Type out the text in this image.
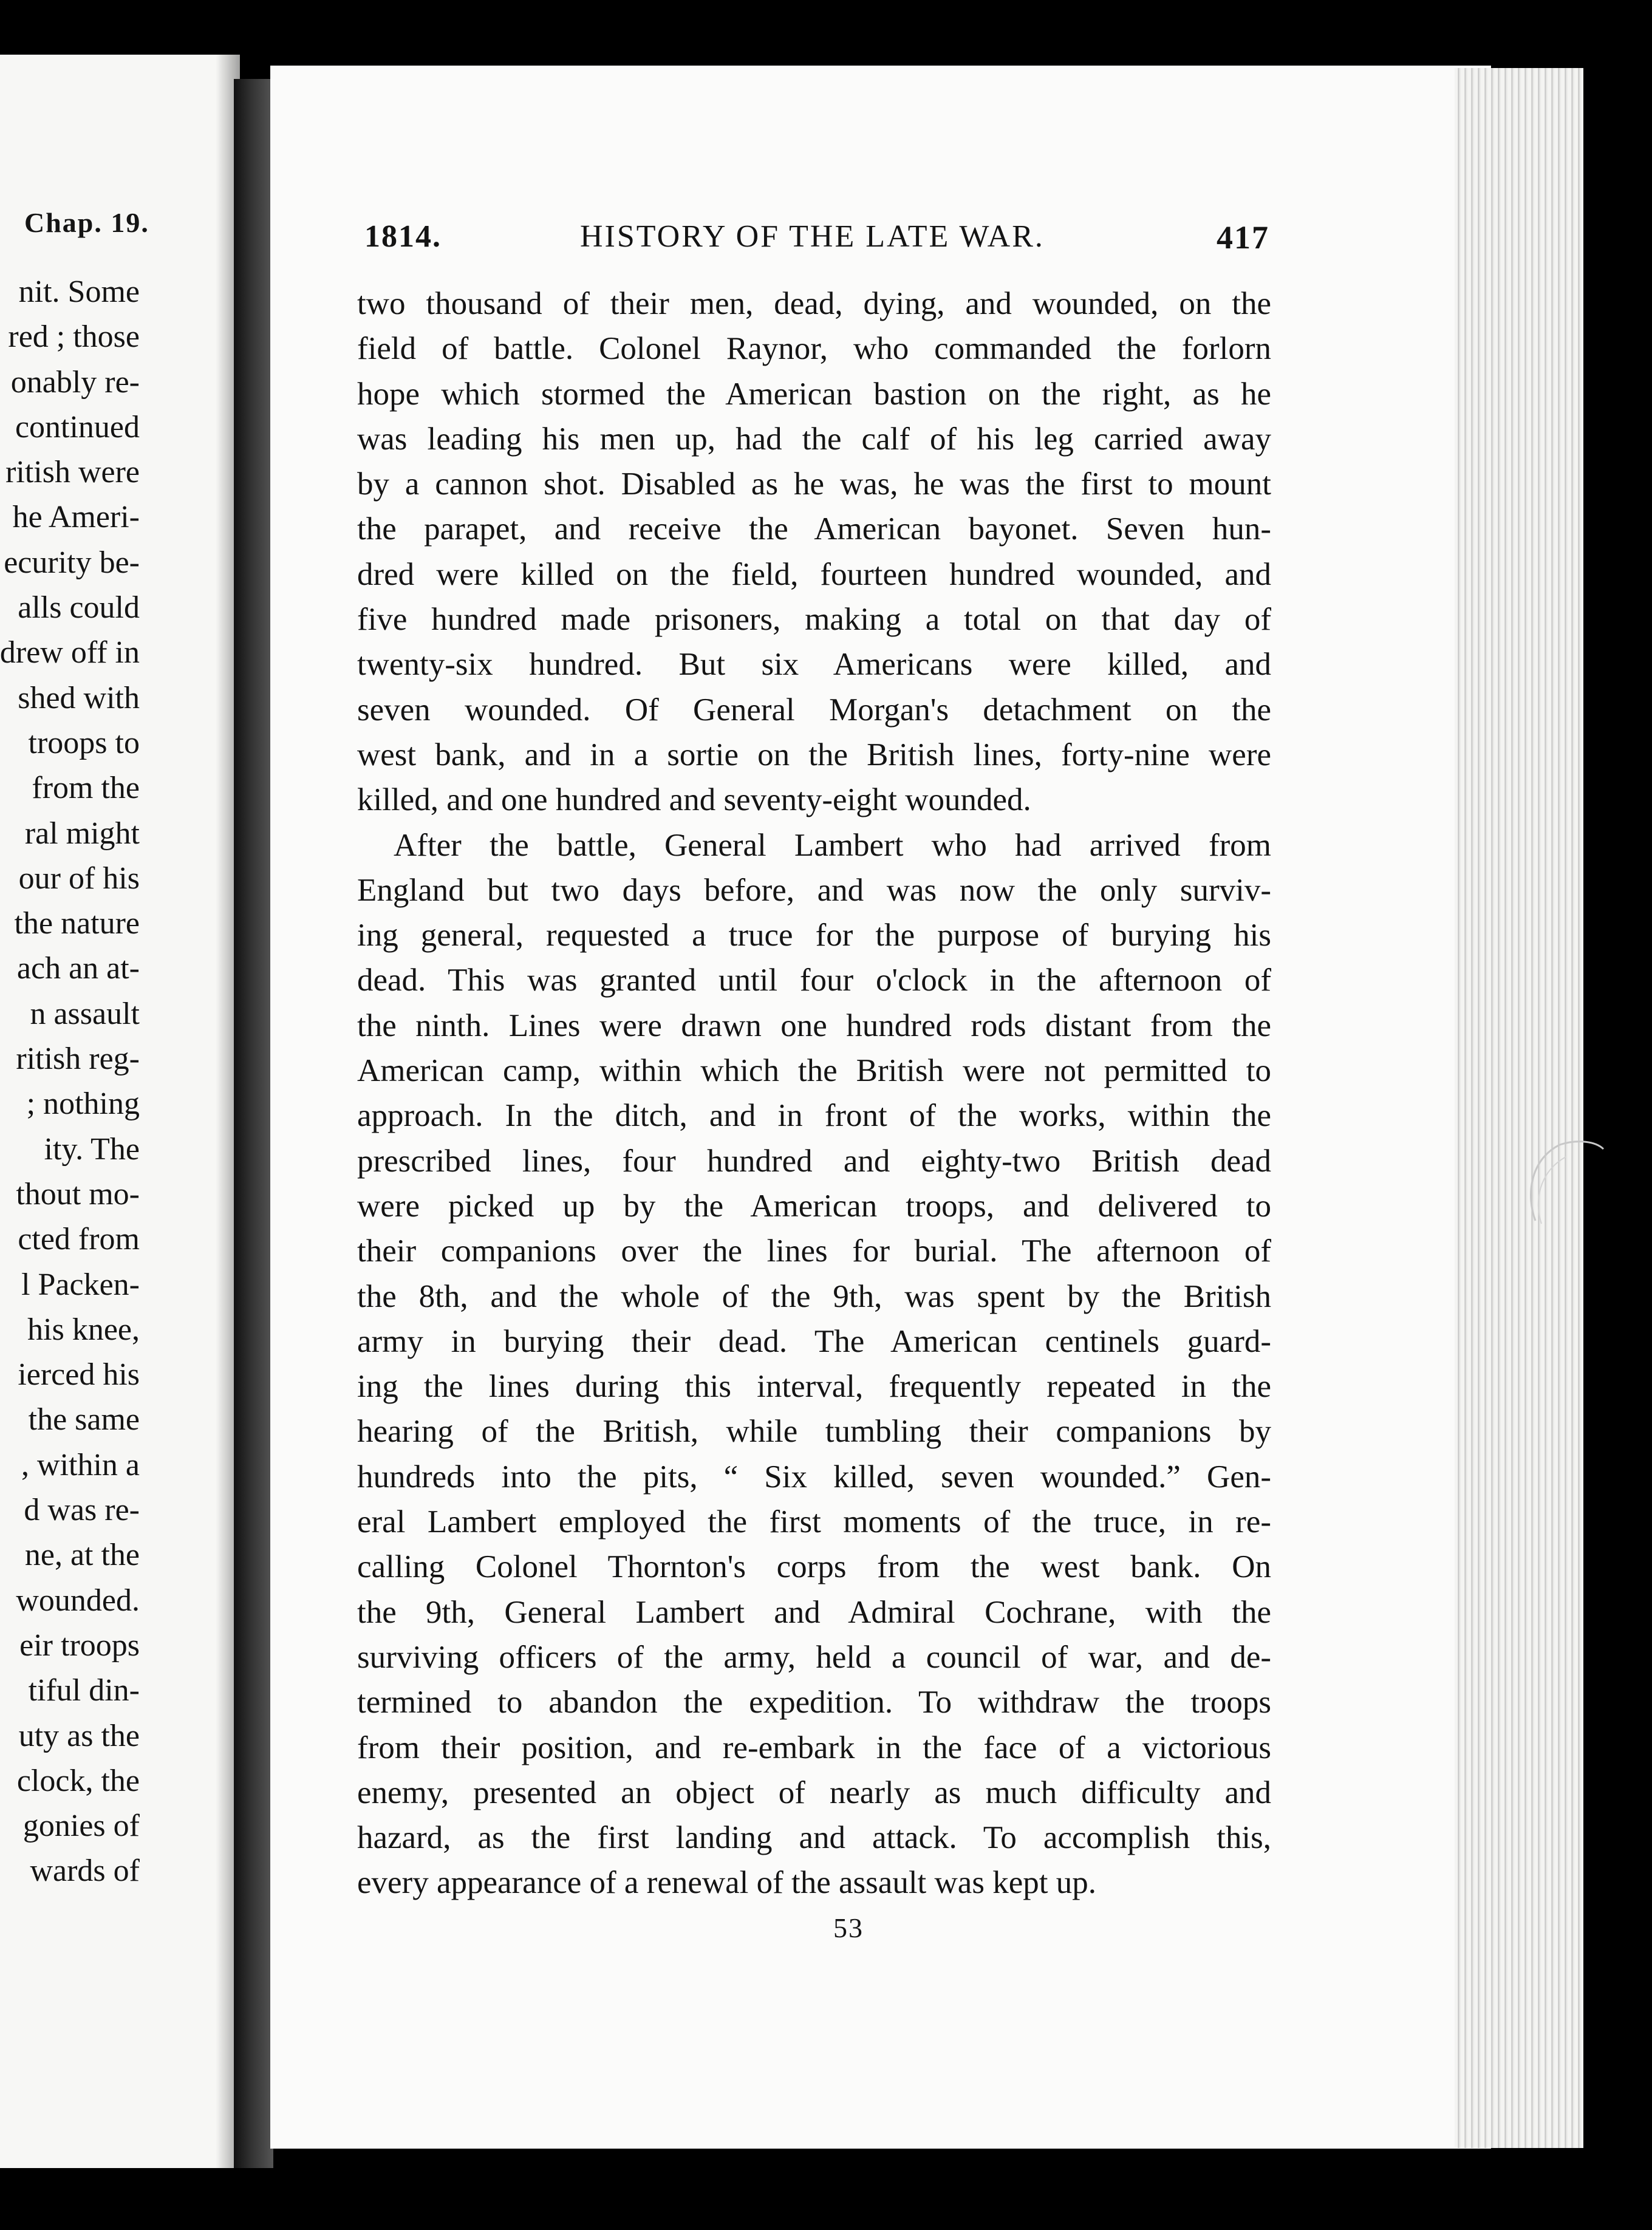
Chap. 19.
nit. Some
red ; those
onably re-
continued
ritish were
he Ameri-
ecurity be-
alls could
drew off in
shed with
troops to
from the
ral might
our of his
the nature
ach an at-
n assault
ritish reg-
; nothing
ity. The
thout mo-
cted from
l Packen-
his knee,
ierced his
the same
, within a
d was re-
ne, at the
wounded.
eir troops
tiful din-
uty as the
clock, the
gonies of
wards of
1814.	HISTORY OF THE LATE WAR.	417
two thousand of their men, dead, dying, and wounded, on the
field of battle. Colonel Raynor, who commanded the forlorn
hope which stormed the American bastion on the right, as he
was leading his men up, had the calf of his leg carried away
by a cannon shot. Disabled as he was, he was the first to mount
the parapet, and receive the American bayonet. Seven hun-
dred were killed on the field, fourteen hundred wounded, and
five hundred made prisoners, making a total on that day of
twenty-six hundred. But six Americans were killed, and
seven wounded. Of General Morgan's detachment on the
west bank, and in a sortie on the British lines, forty-nine were
killed, and one hundred and seventy-eight wounded.
After the battle, General Lambert who had arrived from
England but two days before, and was now the only surviv-
ing general, requested a truce for the purpose of burying his
dead. This was granted until four o'clock in the afternoon of
the ninth. Lines were drawn one hundred rods distant from the
American camp, within which the British were not permitted to
approach. In the ditch, and in front of the works, within the
prescribed lines, four hundred and eighty-two British dead
were picked up by the American troops, and delivered to
their companions over the lines for burial. The afternoon of
the 8th, and the whole of the 9th, was spent by the British
army in burying their dead. The American centinels guard-
ing the lines during this interval, frequently repeated in the
hearing of the British, while tumbling their companions by
hundreds into the pits, “ Six killed, seven wounded.” Gen-
eral Lambert employed the first moments of the truce, in re-
calling Colonel Thornton's corps from the west bank. On
the 9th, General Lambert and Admiral Cochrane, with the
surviving officers of the army, held a council of war, and de-
termined to abandon the expedition. To withdraw the troops
from their position, and re-embark in the face of a victorious
enemy, presented an object of nearly as much difficulty and
hazard, as the first landing and attack. To accomplish this,
every appearance of a renewal of the assault was kept up.
53
